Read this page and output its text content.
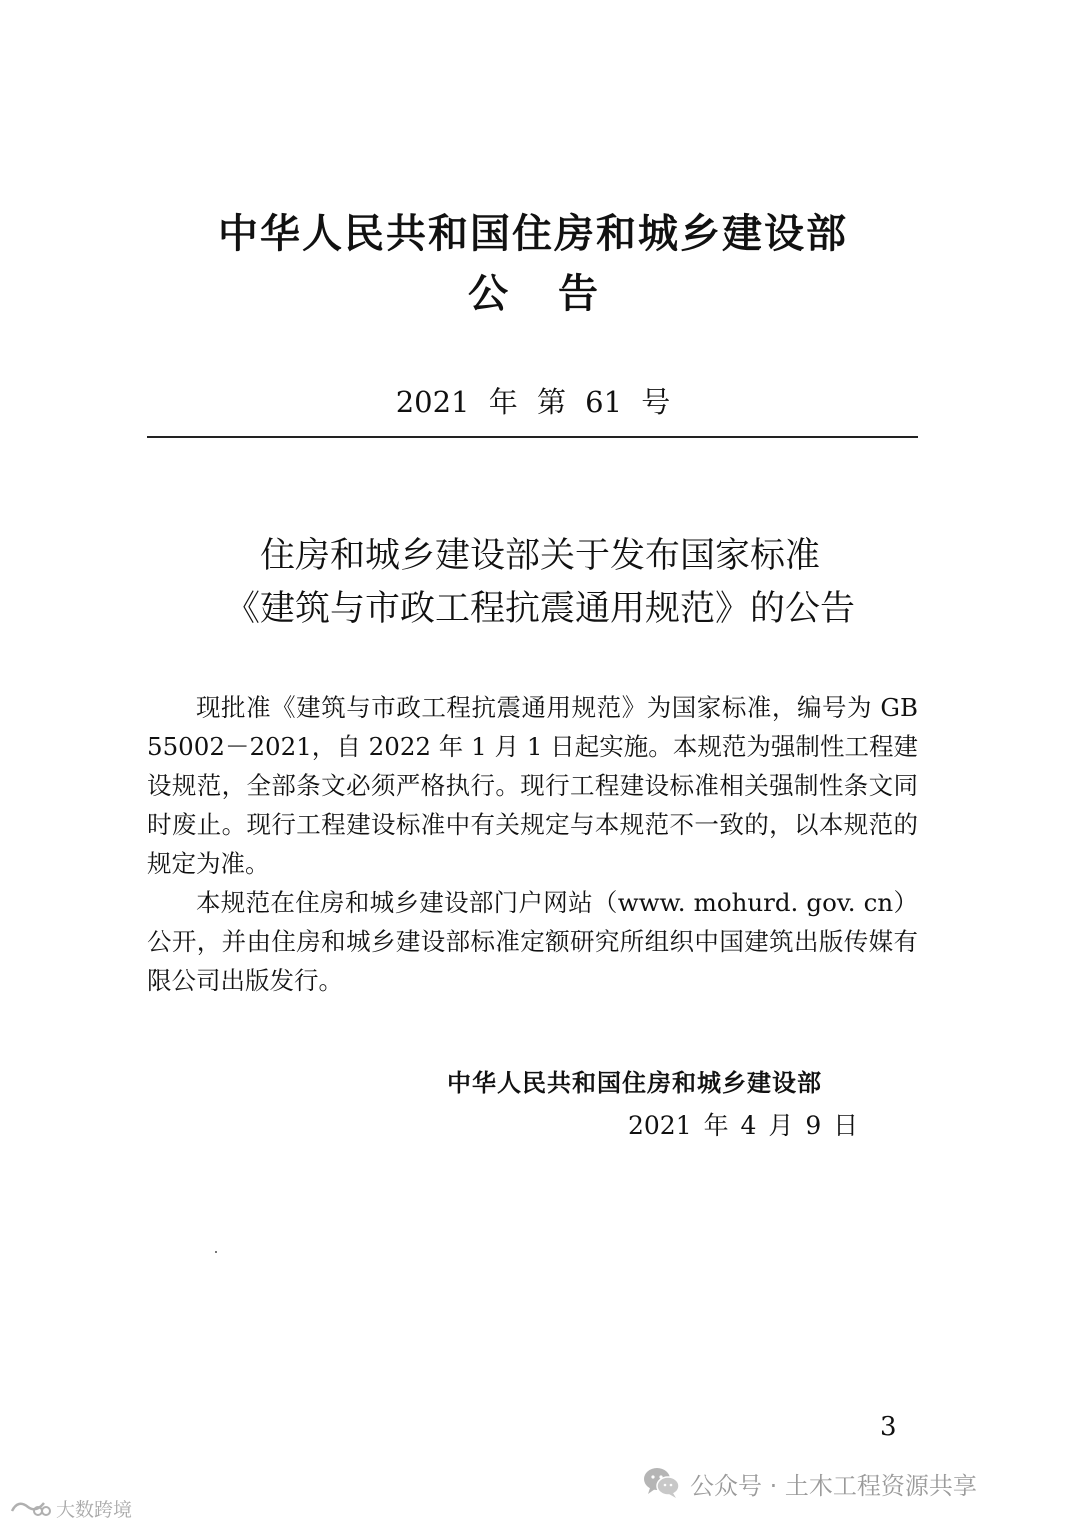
中华人民共和国住房和城乡建设部
公告
2021 年 第 61 号
住房和城乡建设部关于发布国家标准
《建筑与市政工程抗震通用规范》的公告

现批准《建筑与市政工程抗震通用规范》为国家标准，编号为 GB 55002－2021，自 2022 年 1 月 1 日起实施。本规范为强制性工程建设规范，全部条文必须严格执行。现行工程建设标准相关强制性条文同时废止。现行工程建设标准中有关规定与本规范不一致的，以本规范的规定为准。

本规范在住房和城乡建设部门户网站（www. mohurd. gov. cn）公开，并由住房和城乡建设部标准定额研究所组织中国建筑出版传媒有限公司出版发行。

中华人民共和国住房和城乡建设部
2021 年 4 月 9 日
3
公众号 · 土木工程资源共享
大数跨境
